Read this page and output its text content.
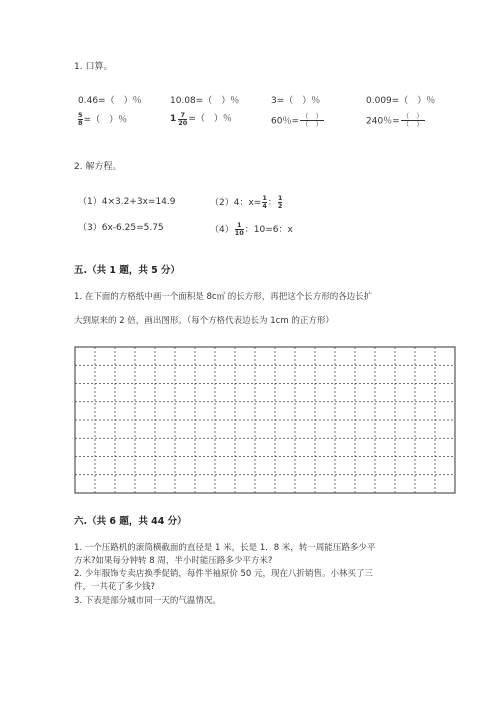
1. 口算。
0.46=（　）％	10.08=（　）％	3=（　）％	0.009=（　）％
$\frac{5}{8}$ =（　）％	$1 \frac{7}{20}$ =（　）％	60％= $\frac{( )}{( )}$	240％= $\frac{( )}{( )}$
2. 解方程。
（1）4×3.2+3x=14.9	（2）4：$x= \frac{1}{4}$ ： $\frac{1}{2}$
（3）6x-6.25=5.75	$(4) \frac{1}{10}$ ：10=6：x
五.（共 1 题，共 5 分）
1. 在下面的方格纸中画一个面积是 8c㎡ 的长方形，再把这个长方形的各边长扩
大到原来的 2 倍，画出图形。（每个方格代表边长为 1cm 的正方形）
六.（共 6 题，共 44 分）
1. 一个压路机的滚筒横截面的直径是 1 米，长是 1．8 米，转一周能压路多少平
方米?如果每分钟转 8 周，半小时能压路多少平方米?
2. 少年服饰专卖店换季促销，每件半袖原价 50 元，现在八折销售。小林买了三
件，一共花了多少钱?
3. 下表是部分城市同一天的气温情况。
